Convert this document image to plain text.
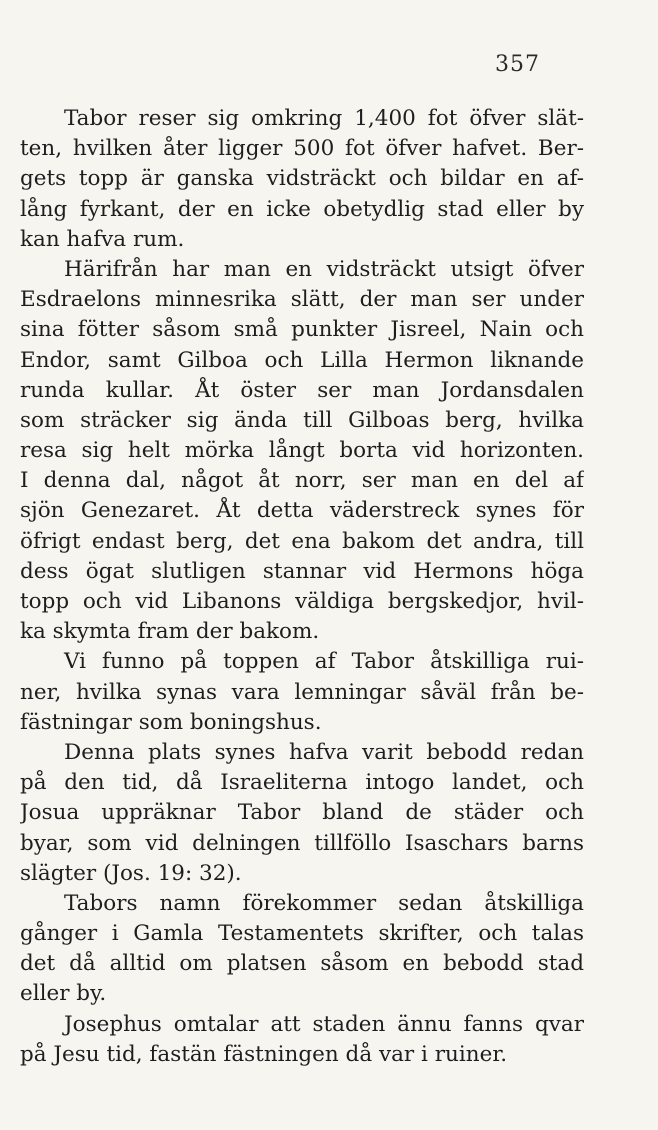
357
Tabor reser sig omkring 1,400 fot öfver slät-
ten, hvilken åter ligger 500 fot öfver hafvet. Ber-
gets topp är ganska vidsträckt och bildar en af-
lång fyrkant, der en icke obetydlig stad eller by
kan hafva rum.
Härifrån har man en vidsträckt utsigt öfver
Esdraelons minnesrika slätt, der man ser under
sina fötter såsom små punkter Jisreel, Nain och
Endor, samt Gilboa och Lilla Hermon liknande
runda kullar. Åt öster ser man Jordansdalen
som sträcker sig ända till Gilboas berg, hvilka
resa sig helt mörka långt borta vid horizonten.
I denna dal, något åt norr, ser man en del af
sjön Genezaret. Åt detta väderstreck synes för
öfrigt endast berg, det ena bakom det andra, till
dess ögat slutligen stannar vid Hermons höga
topp och vid Libanons väldiga bergskedjor, hvil-
ka skymta fram der bakom.
Vi funno på toppen af Tabor åtskilliga rui-
ner, hvilka synas vara lemningar såväl från be-
fästningar som boningshus.
Denna plats synes hafva varit bebodd redan
på den tid, då Israeliterna intogo landet, och
Josua uppräknar Tabor bland de städer och
byar, som vid delningen tillföllo Isaschars barns
slägter (Jos. 19: 32).
Tabors namn förekommer sedan åtskilliga
gånger i Gamla Testamentets skrifter, och talas
det då alltid om platsen såsom en bebodd stad
eller by.
Josephus omtalar att staden ännu fanns qvar
på Jesu tid, fastän fästningen då var i ruiner.
